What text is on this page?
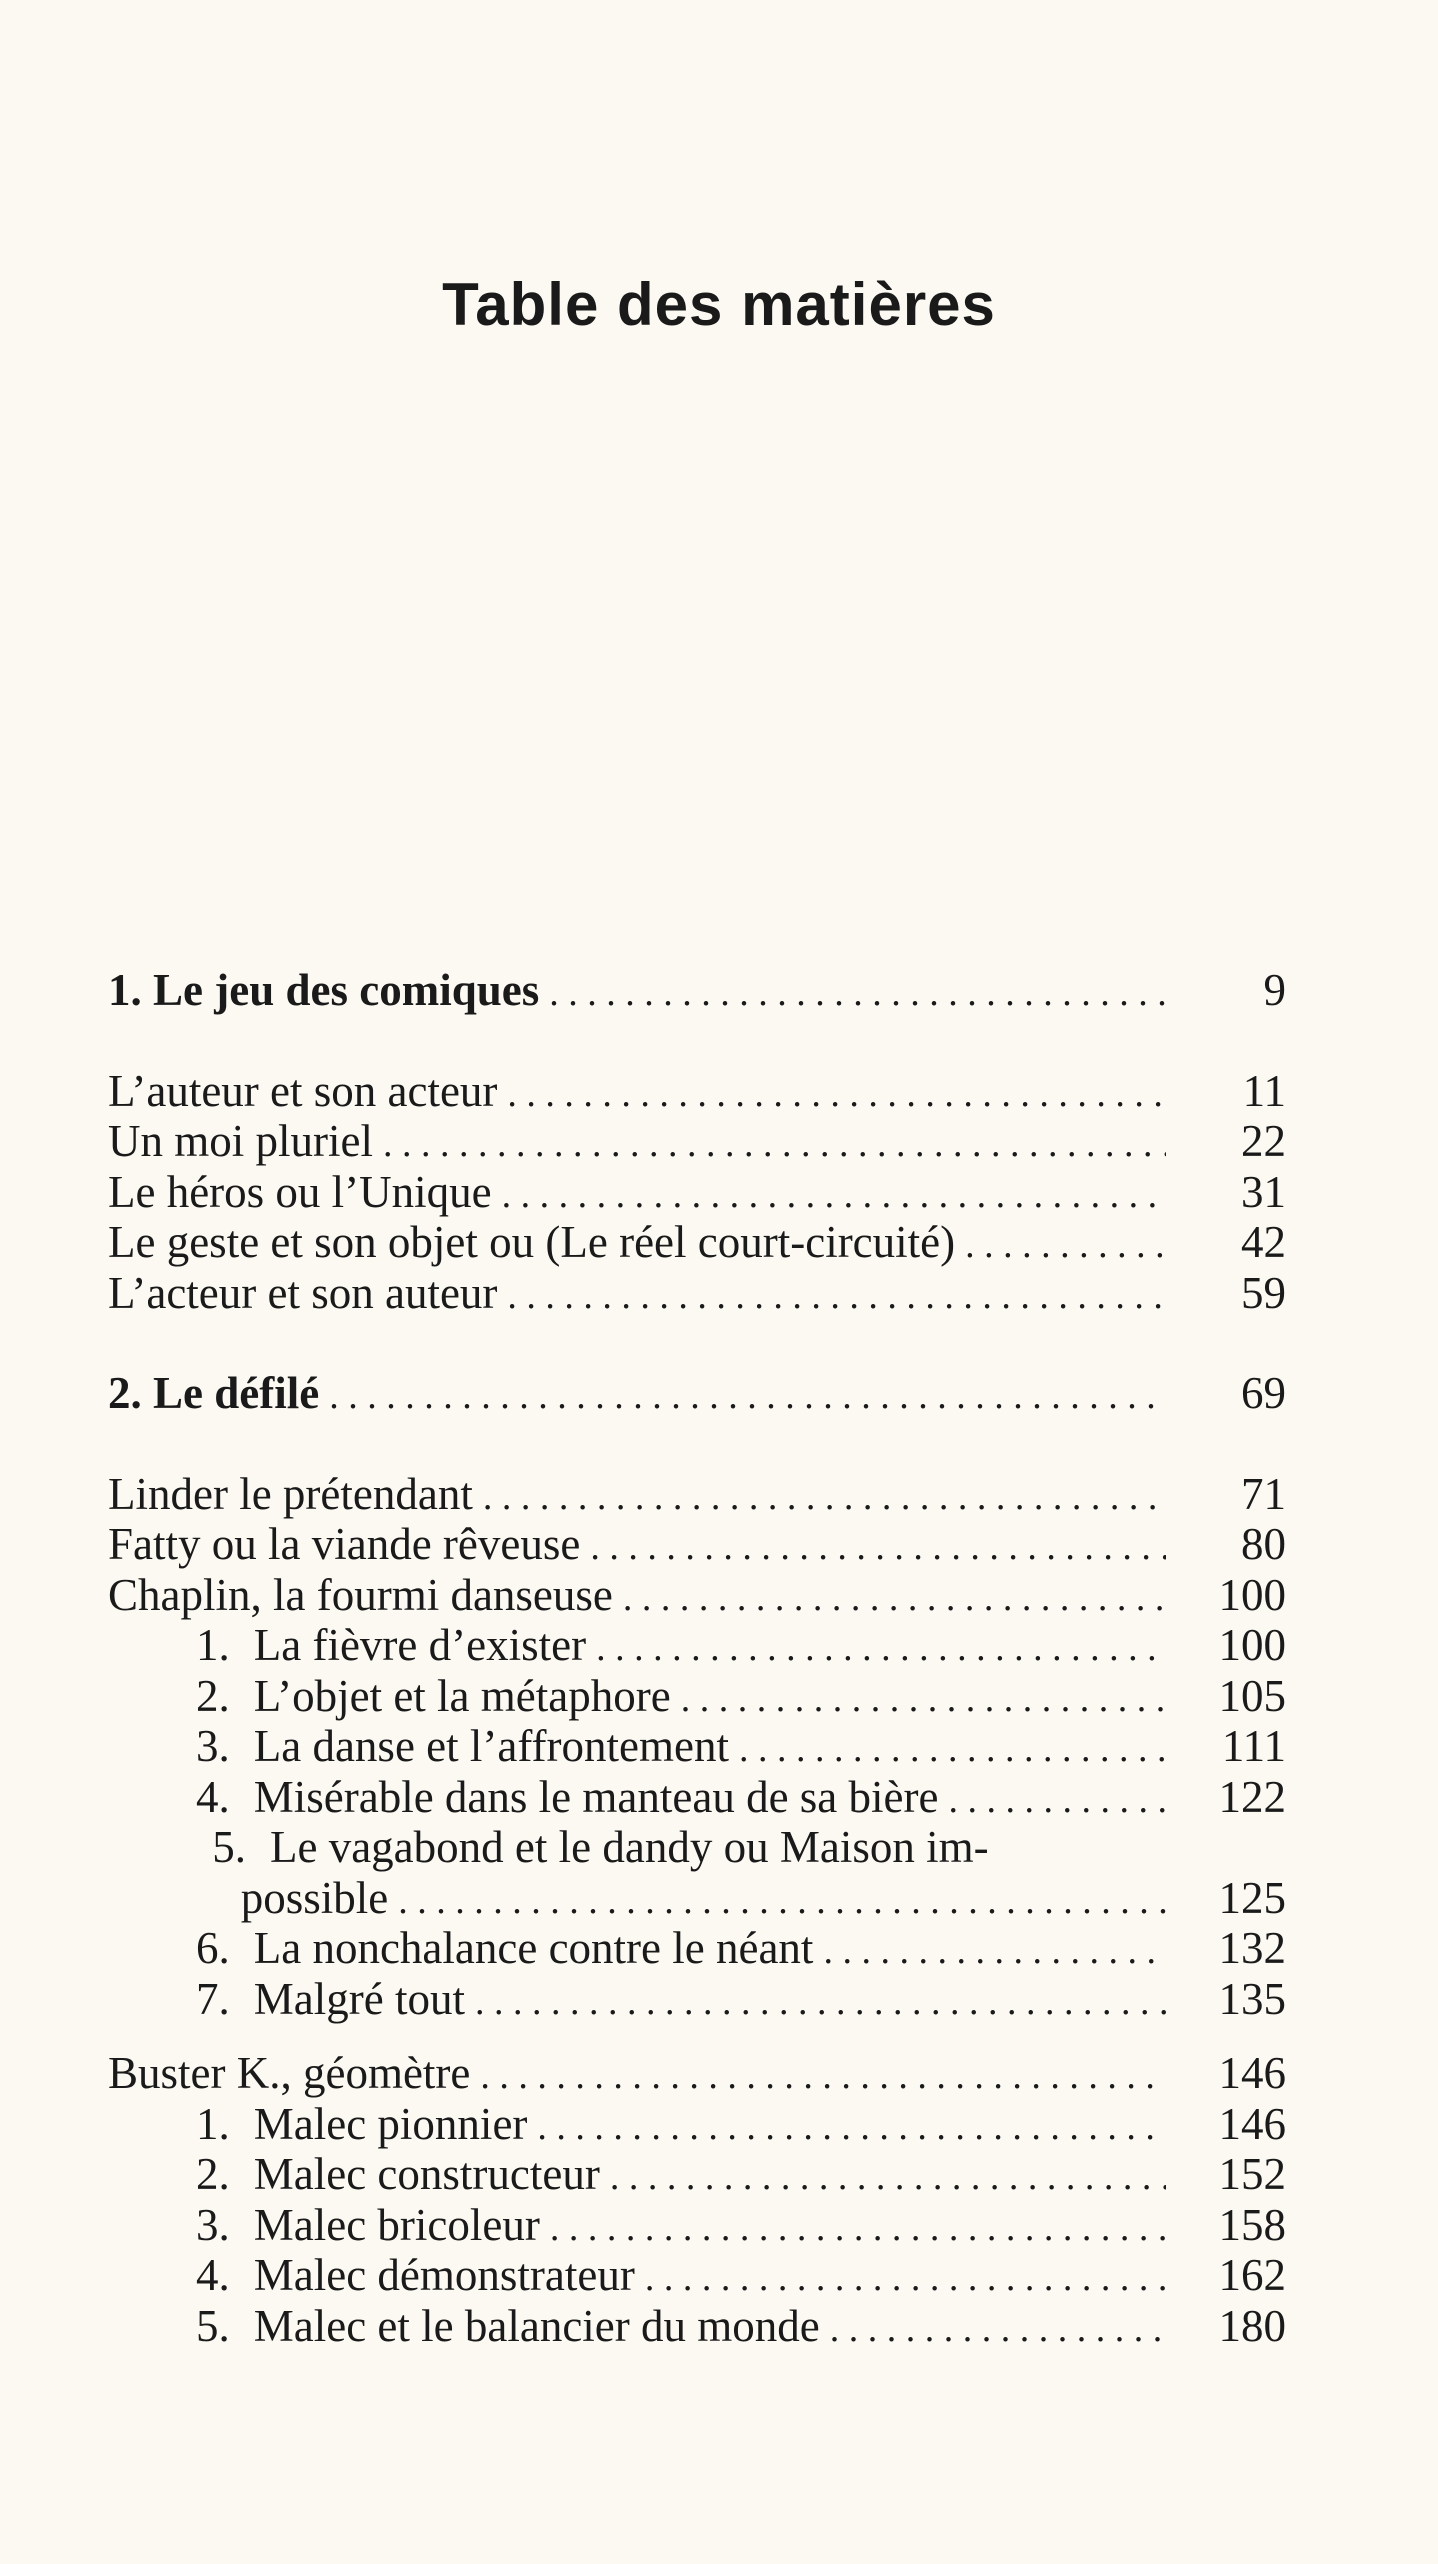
Table des matières
1. Le jeu des comiques . . .	9
L’auteur et son acteur . . .	11
Un moi pluriel . . .	22
Le héros ou l’Unique . . .	31
Le geste et son objet ou (Le réel court-circuité) . . .	42
L’acteur et son auteur . . .	59
2. Le défilé . . .	69
Linder le prétendant . . .	71
Fatty ou la viande rêveuse . . .	80
Chaplin, la fourmi danseuse . . .	100
1. La fièvre d’exister . . .	100
2. L’objet et la métaphore . . .	105
3. La danse et l’affrontement . . .	111
4. Misérable dans le manteau de sa bière . . .	122
5. Le vagabond et le dandy ou Maison im-
possible . . .	125
6. La nonchalance contre le néant . . .	132
7. Malgré tout . . .	135
Buster K., géomètre . . .	146
1. Malec pionnier . . .	146
2. Malec constructeur . . .	152
3. Malec bricoleur . . .	158
4. Malec démonstrateur . . .	162
5. Malec et le balancier du monde . . .	180
